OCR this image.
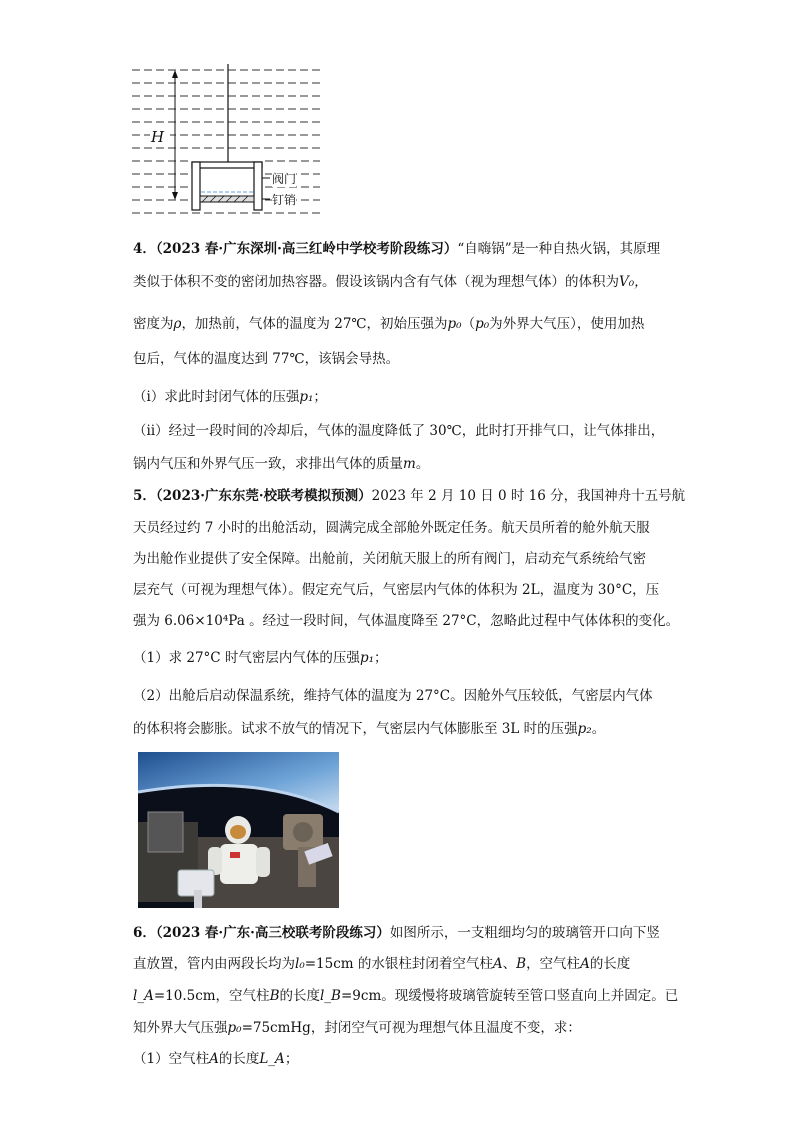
H
阀门
钉销
4．（2023 春·广东深圳·高三红岭中学校考阶段练习）“自嗨锅”是一种自热火锅，其原理
类似于体积不变的密闭加热容器。假设该锅内含有气体（视为理想气体）的体积为V₀，
密度为ρ，加热前，气体的温度为 27℃，初始压强为p₀（p₀为外界大气压），使用加热
包后，气体的温度达到 77℃，该锅会导热。
（ⅰ）求此时封闭气体的压强p₁；
（ⅱ）经过一段时间的冷却后，气体的温度降低了 30℃，此时打开排气口，让气体排出，
锅内气压和外界气压一致，求排出气体的质量m。
5．（2023·广东东莞·校联考模拟预测）2023 年 2 月 10 日 0 时 16 分，我国神舟十五号航
天员经过约 7 小时的出舱活动，圆满完成全部舱外既定任务。航天员所着的舱外航天服
为出舱作业提供了安全保障。出舱前，关闭航天服上的所有阀门，启动充气系统给气密
层充气（可视为理想气体）。假定充气后，气密层内气体的体积为 2L，温度为 30°C，压
强为 6.06×10⁴Pa 。经过一段时间，气体温度降至 27°C，忽略此过程中气体体积的变化。
（1）求 27°C 时气密层内气体的压强p₁；
（2）出舱后启动保温系统，维持气体的温度为 27°C。因舱外气压较低，气密层内气体
的体积将会膨胀。试求不放气的情况下，气密层内气体膨胀至 3L 时的压强p₂。
6．（2023 春·广东·高三校联考阶段练习）如图所示，一支粗细均匀的玻璃管开口向下竖
直放置，管内由两段长均为l₀=15cm 的水银柱封闭着空气柱A、B，空气柱A的长度
l_A=10.5cm，空气柱B的长度l_B=9cm。现缓慢将玻璃管旋转至管口竖直向上并固定。已
知外界大气压强p₀=75cmHg，封闭空气可视为理想气体且温度不变，求：
（1）空气柱A的长度L_A；
